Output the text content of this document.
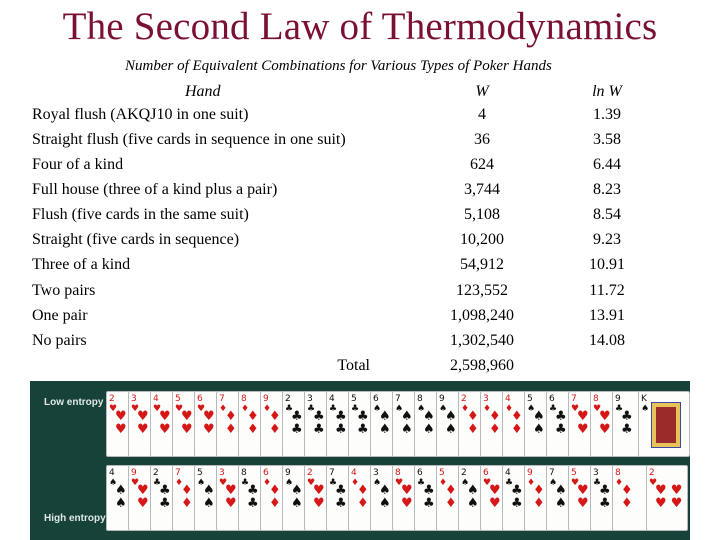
The Second Law of Thermodynamics
Number of Equivalent Combinations for Various Types of Poker Hands
Hand	W	ln W
Royal flush (AKQJ10 in one suit)	4	1.39
Straight flush (five cards in sequence in one suit)	36	3.58
Four of a kind	624	6.44
Full house (three of a kind plus a pair)	3,744	8.23
Flush (five cards in the same suit)	5,108	8.54
Straight (five cards in sequence)	10,200	9.23
Three of a kind	54,912	10.91
Two pairs	123,552	11.72
One pair	1,098,240	13.91
No pairs	1,302,540	14.08
Total	2,598,960
Low entropy 2
♥
♥
♥
3
♥
♥
♥
4
♥
♥
♥
5
♥
♥
♥
6
♥
♥
♥
7
♦
♦
♦
8
♦
♦
♦
9
♦
♦
♦
2
♣
♣
♣
3
♣
♣
♣
4
♣
♣
♣
5
♣
♣
♣
6
♠
♠
♠
7
♠
♠
♠
8
♠
♠
♠
9
♠
♠
♠
2
♦
♦
♦
3
♦
♦
♦
4
♦
♦
♦
5
♠
♠
♠
6
♣
♣
♣
7
♥
♥
♥
8
♥
♥
♥
9
♣
♣
♣
K
♠
High entropy
4
♠
♠
♠
9
♥
♥
♥
2
♣
♣
♣
7
♦
♦
♦
5
♠
♠
♠
3
♥
♥
♥
8
♣
♣
♣
6
♦
♦
♦
9
♠
♠
♠
2
♥
♥
♥
7
♣
♣
♣
4
♦
♦
♦
3
♠
♠
♠
8
♥
♥
♥
6
♣
♣
♣
5
♦
♦
♦
2
♠
♠
♠
6
♥
♥
♥
4
♣
♣
♣
9
♦
♦
♦
7
♠
♠
♠
5
♥
♥
♥
3
♣
♣
♣
8
♦
♦
♦
2
♥
♥ ♥
♥ ♥
